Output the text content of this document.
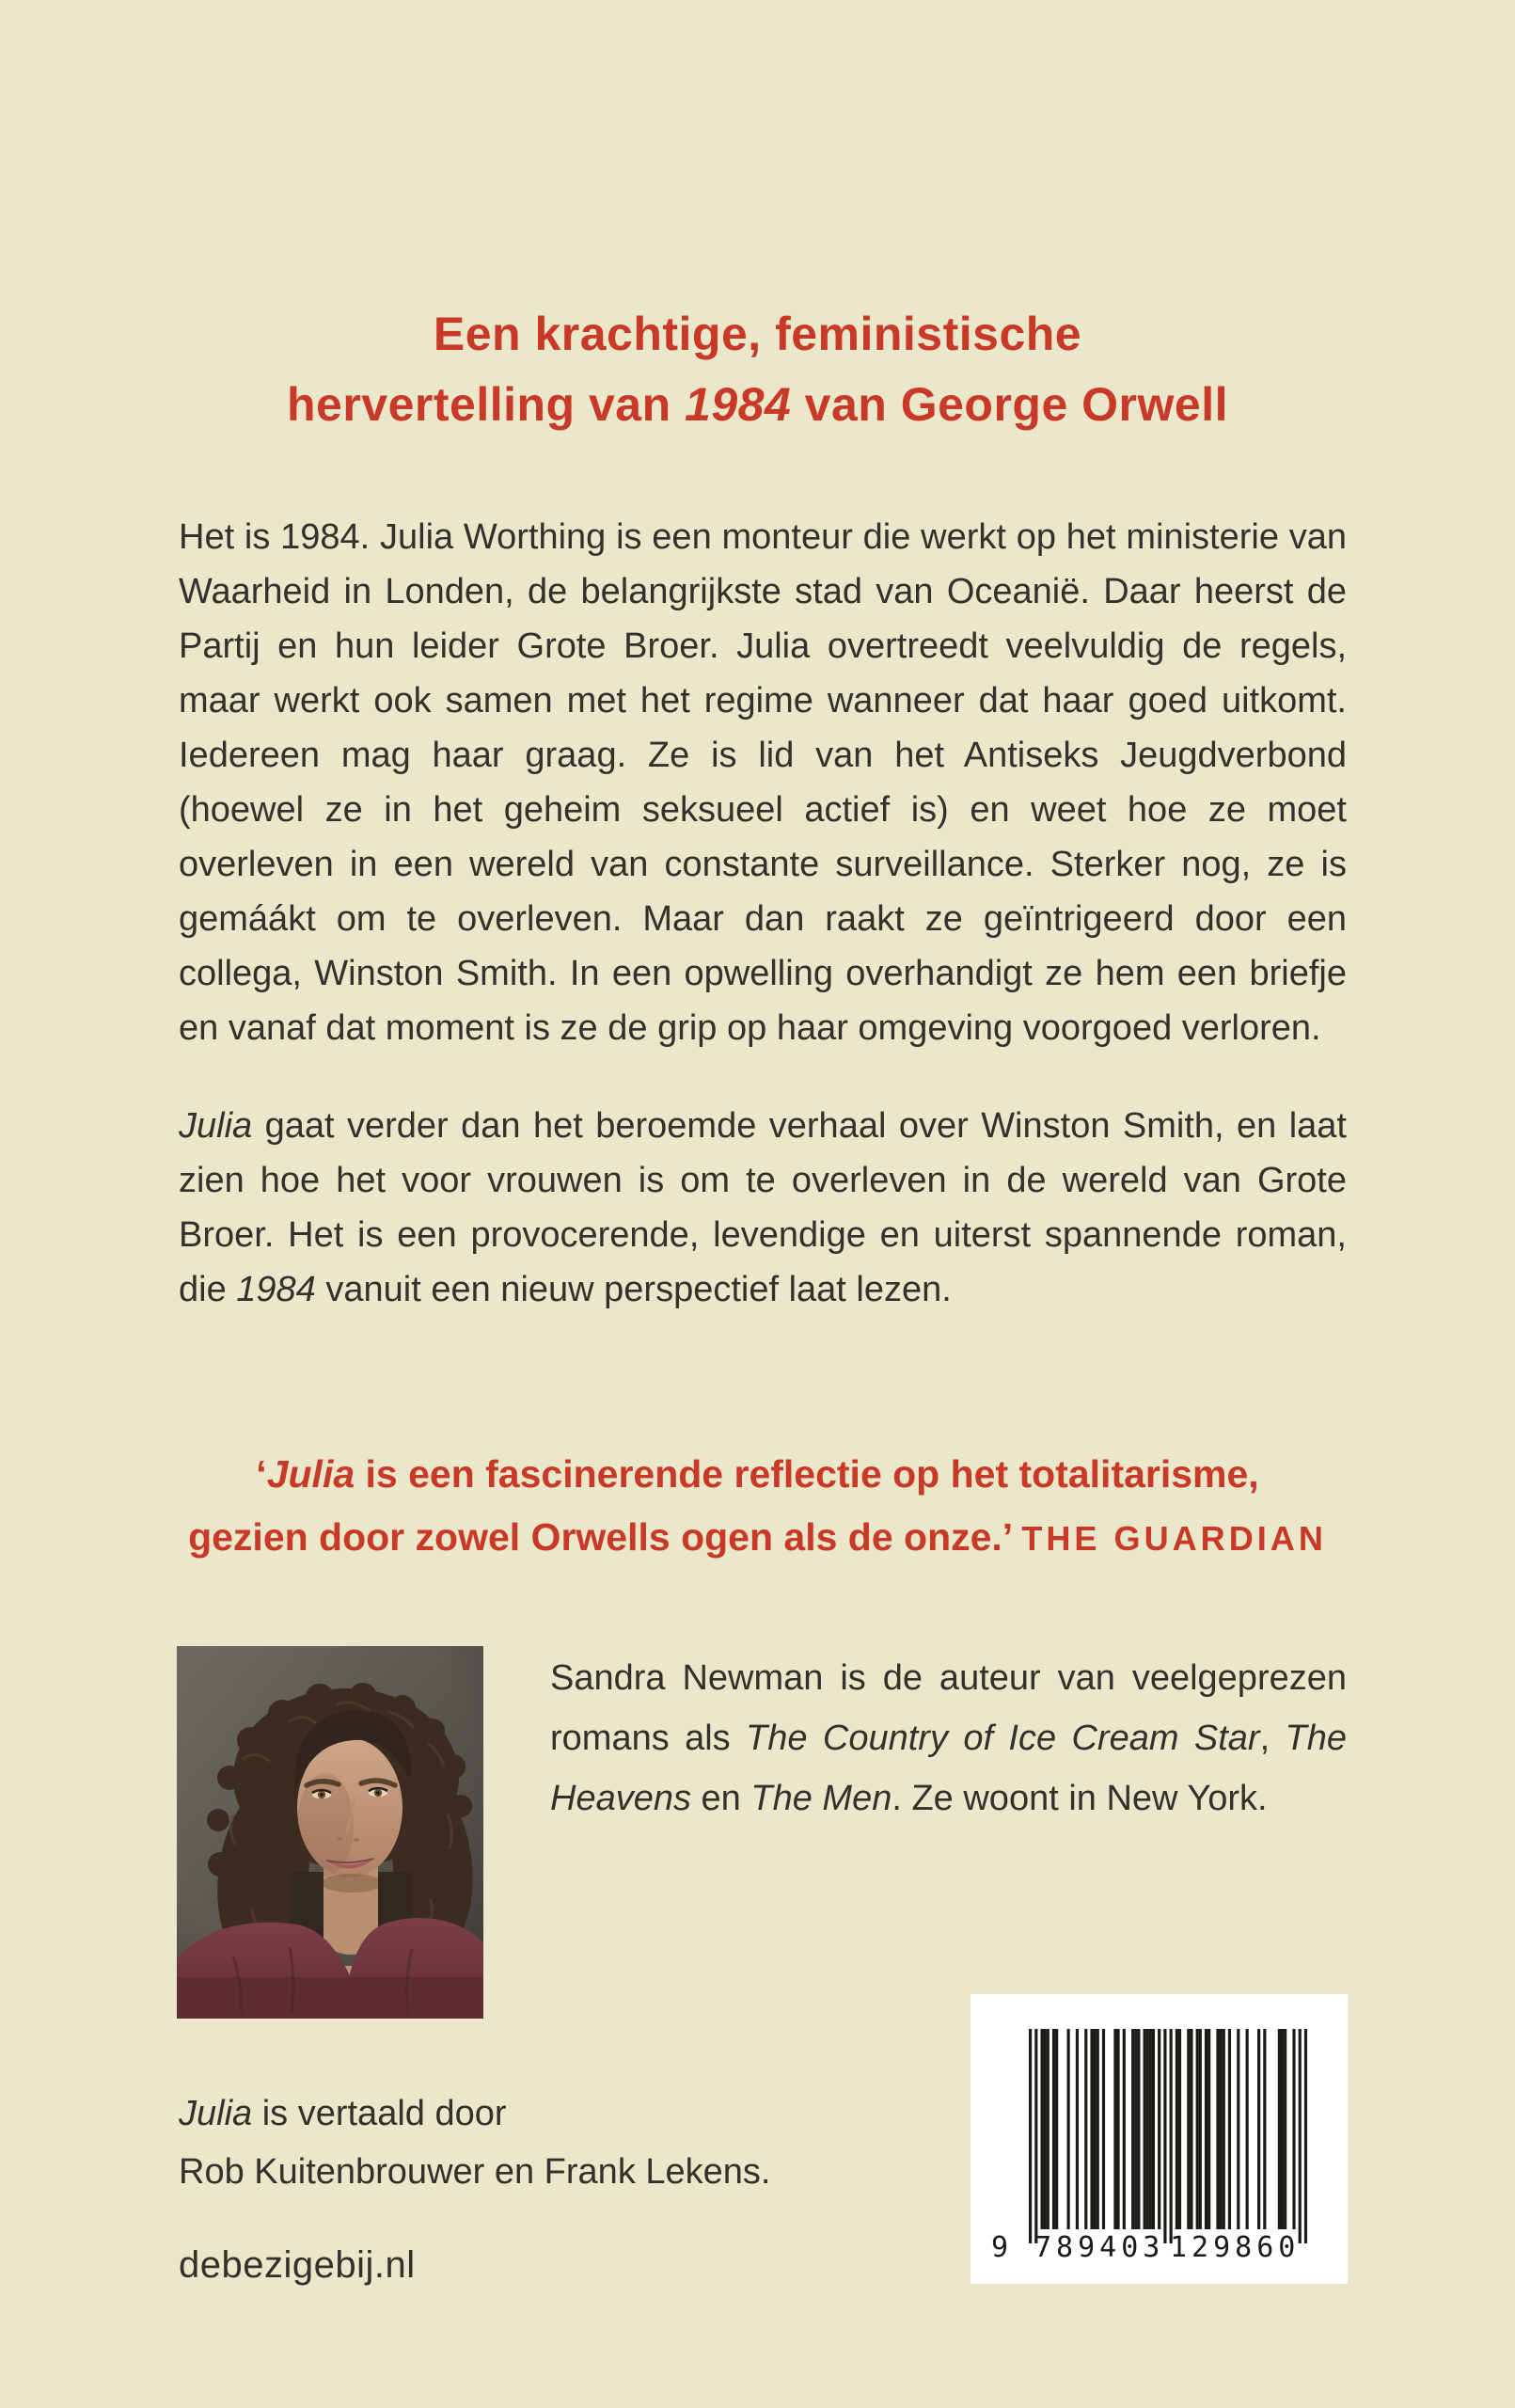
Een krachtige, feministische
hervertelling van 1984 van George Orwell

Het is 1984. Julia Worthing is een monteur die werkt op het ministerie van Waarheid in Londen, de belangrijkste stad van Oceanië. Daar heerst de Partij en hun leider Grote Broer. Julia overtreedt veelvuldig de regels, maar werkt ook samen met het regime wanneer dat haar goed uitkomt. Iedereen mag haar graag. Ze is lid van het Antiseks Jeugdverbond (hoewel ze in het geheim seksueel actief is) en weet hoe ze moet overleven in een wereld van constante surveillance. Sterker nog, ze is gemáákt om te overleven. Maar dan raakt ze geïntrigeerd door een collega, Winston Smith. In een opwelling overhandigt ze hem een briefje en vanaf dat moment is ze de grip op haar omgeving voorgoed verloren.

Julia gaat verder dan het beroemde verhaal over Winston Smith, en laat zien hoe het voor vrouwen is om te overleven in de wereld van Grote Broer. Het is een provocerende, levendige en uiterst spannende roman, die 1984 vanuit een nieuw perspectief laat lezen.

‘Julia is een fascinerende reflectie op het totalitarisme,
gezien door zowel Orwells ogen als de onze.’ THE GUARDIAN
Sandra Newman is de auteur van veelgeprezen romans als The Country of Ice Cream Star, The Heavens en The Men. Ze woont in New York.
Julia is vertaald door
Rob Kuitenbrouwer en Frank Lekens.
debezigebij.nl	9 789403 129860
